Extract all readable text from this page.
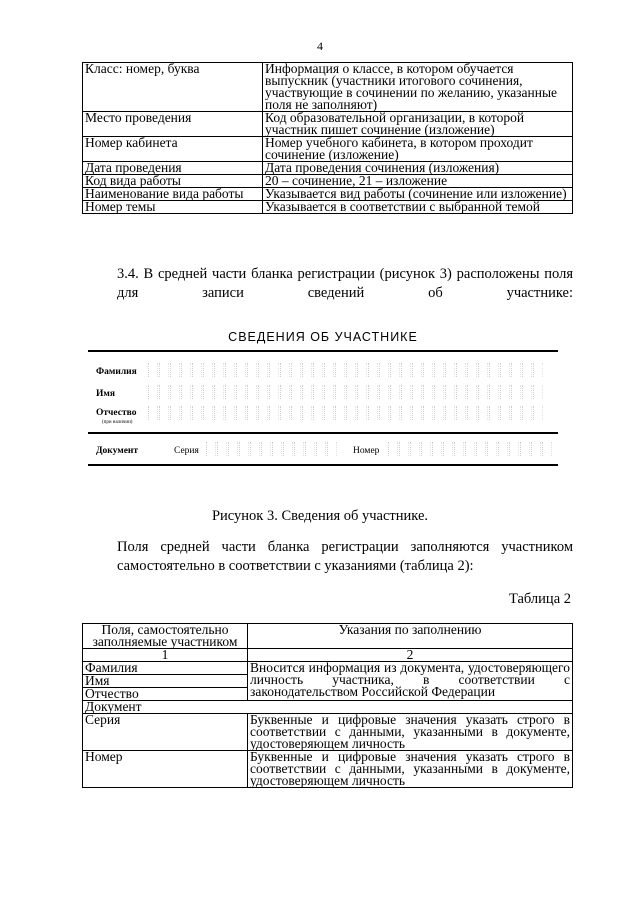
4
Класс: номер, буква	Информация о классе, в котором обучается выпускник (участники итогового сочинения, участвующие в сочинении по желанию, указанные поля не заполняют)
Место проведения	Код образовательной организации, в которой участник пишет сочинение (изложение)
Номер кабинета	Номер учебного кабинета, в котором проходит сочинение (изложение)
Дата проведения	Дата проведения сочинения (изложения)
Код вида работы	20 – сочинение, 21 – изложение
Наименование вида работы	Указывается вид работы (сочинение или изложение)
Номер темы	Указывается в соответствии с выбранной темой
3.4. В средней части бланка регистрации (рисунок 3) расположены поля для записи сведений об участнике:
СВЕДЕНИЯ ОБ УЧАСТНИКЕ
Фамилия
Имя
Отчество
(при наличии)
Документ	Серия	Номер
Рисунок 3. Сведения об участнике.
Поля средней части бланка регистрации заполняются участником самостоятельно в соответствии с указаниями (таблица 2):
Таблица 2
Поля, самостоятельно заполняемые участником	Указания по заполнению
1	2
Фамилия	Вносится информация из документа, удостоверяющего личность участника, в соответствии с законодательством Российской Федерации
Имя	
Отчество	
Документ	
Серия	Буквенные и цифровые значения указать строго в соответствии с данными, указанными в документе, удостоверяющем личность
Номер	Буквенные и цифровые значения указать строго в соответствии с данными, указанными в документе, удостоверяющем личность
